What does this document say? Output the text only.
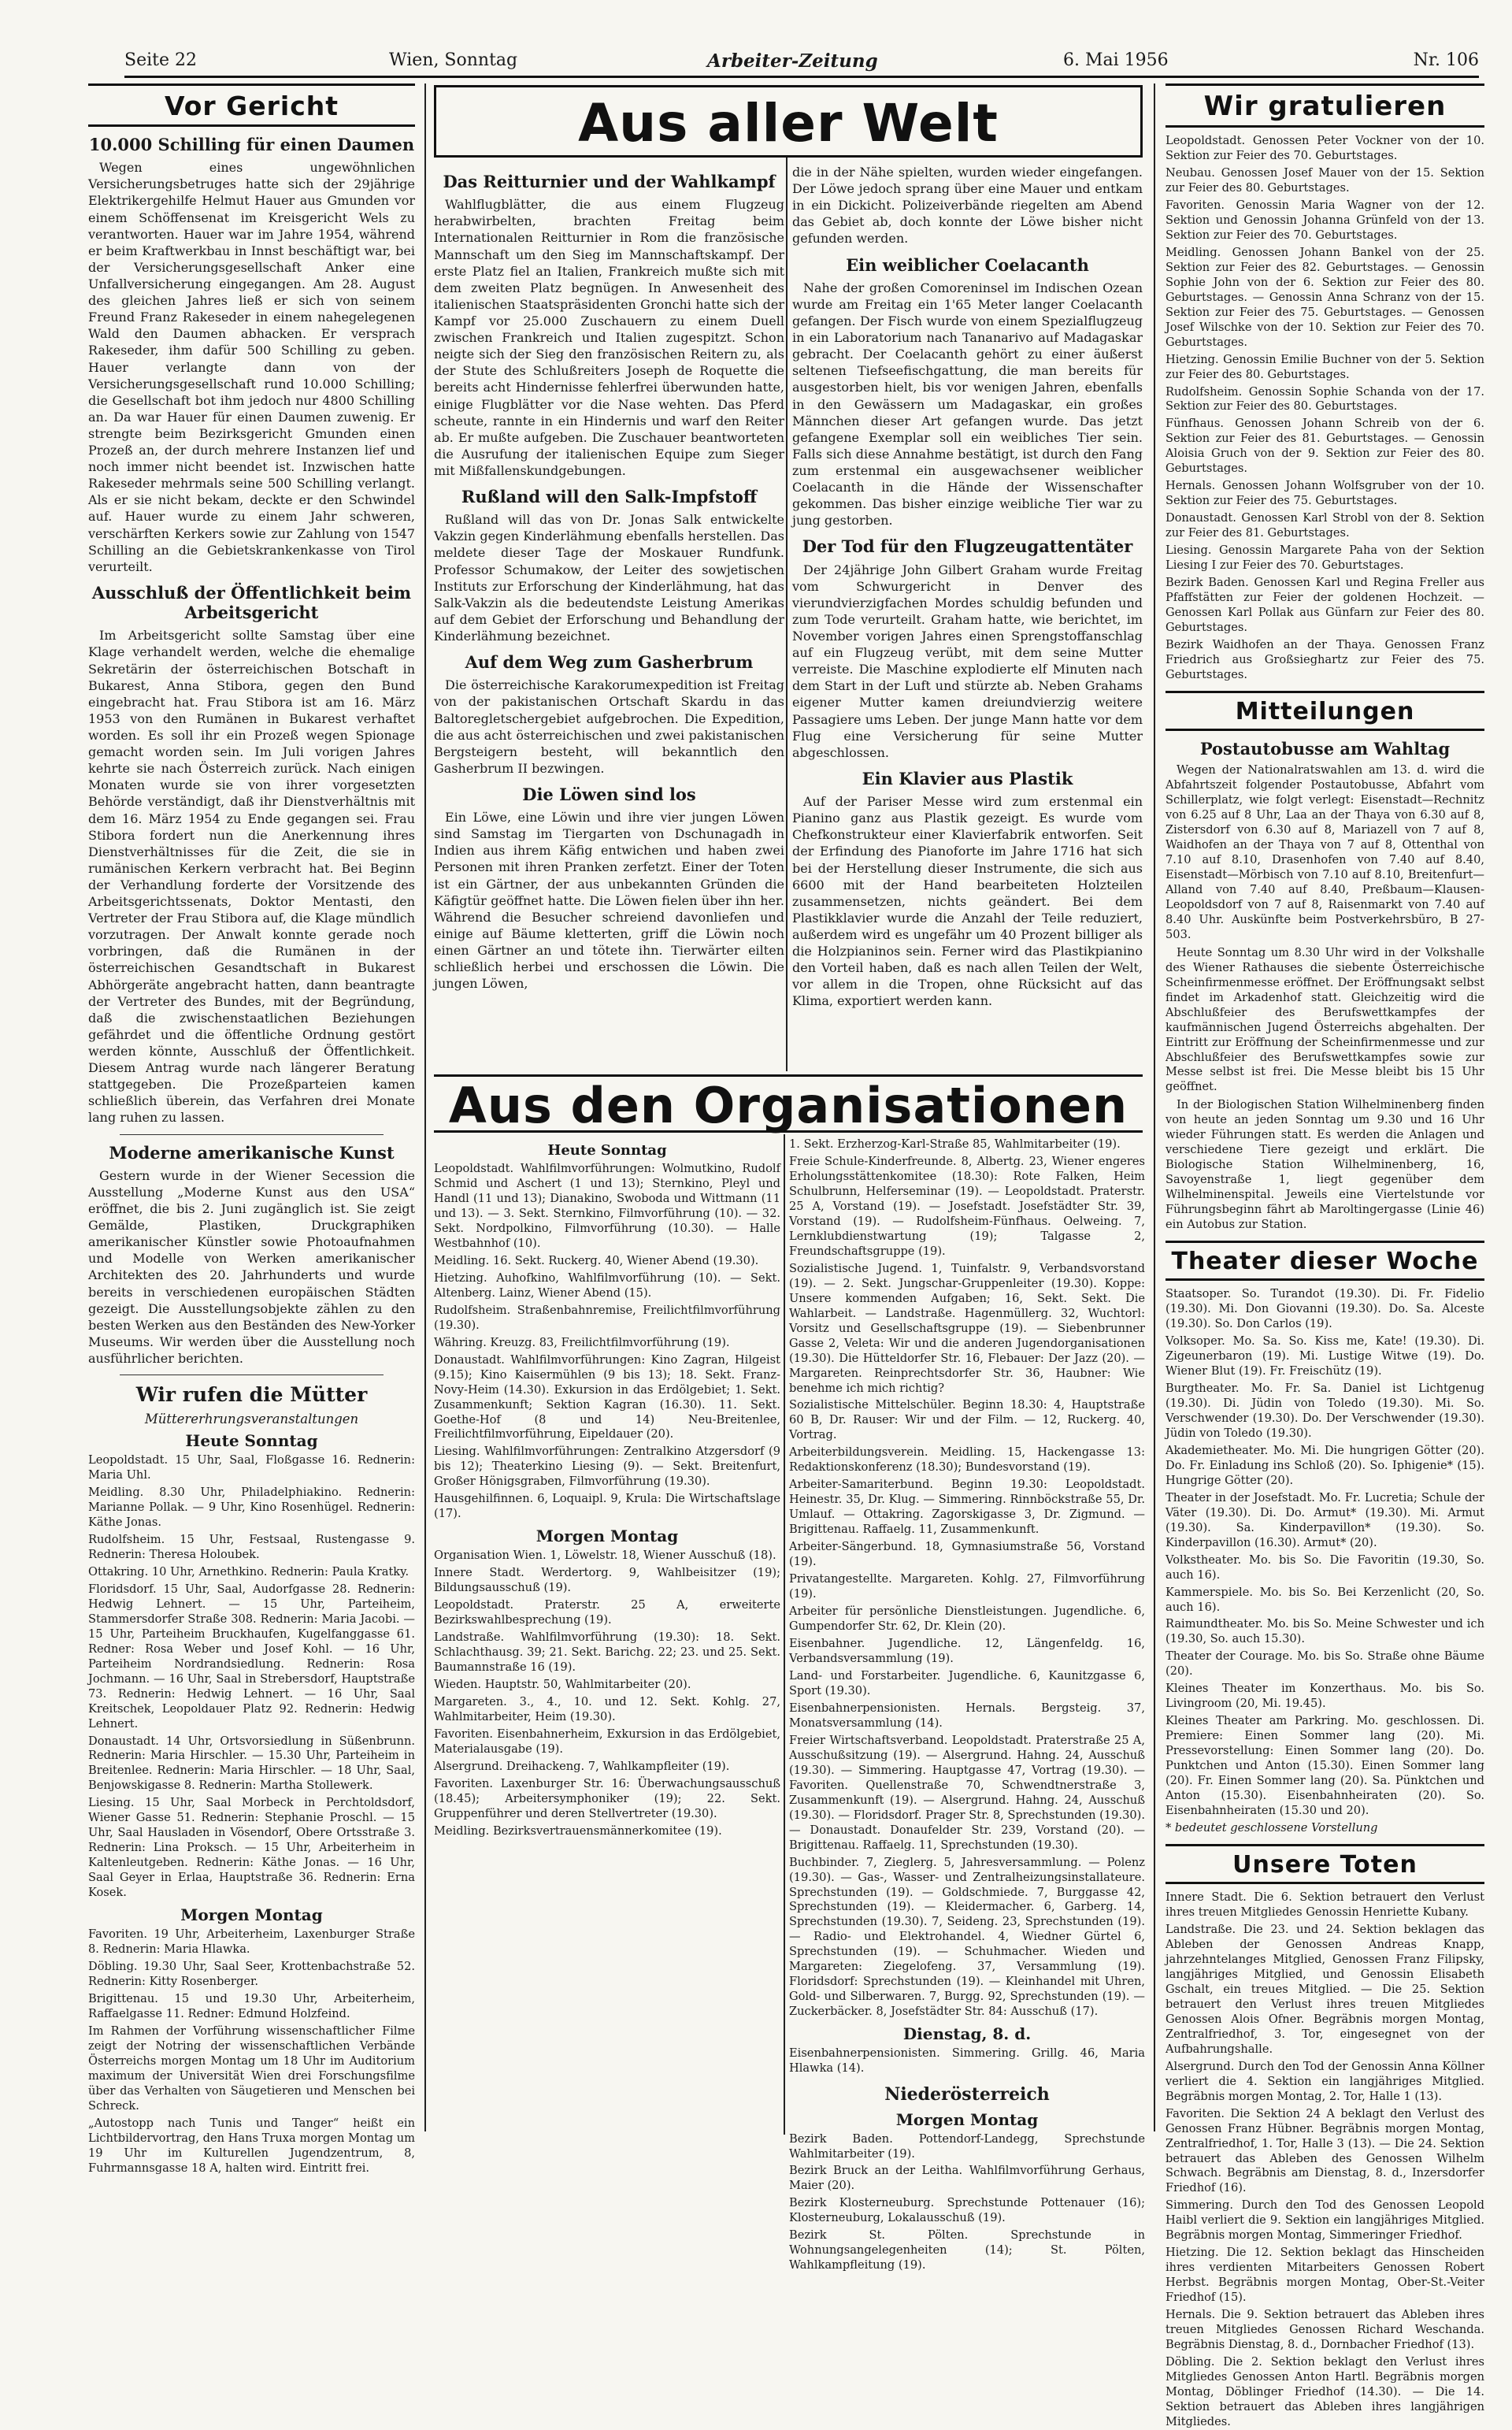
Seite 22	Wien, Sonntag	Arbeiter-Zeitung	6. Mai 1956	Nr. 106
Vor Gericht
10.000 Schilling für einen Daumen

Wegen eines ungewöhnlichen Versicherungsbetruges hatte sich der 29jährige Elektrikergehilfe Helmut Hauer aus Gmunden vor einem Schöffensenat im Kreisgericht Wels zu verantworten. Hauer war im Jahre 1954, während er beim Kraftwerkbau in Innst beschäftigt war, bei der Versicherungsgesellschaft Anker eine Unfallversicherung eingegangen. Am 28. August des gleichen Jahres ließ er sich von seinem Freund Franz Rakeseder in einem nahegelegenen Wald den Daumen abhacken. Er versprach Rakeseder, ihm dafür 500 Schilling zu geben. Hauer verlangte dann von der Versicherungsgesellschaft rund 10.000 Schilling; die Gesellschaft bot ihm jedoch nur 4800 Schilling an. Da war Hauer für einen Daumen zuwenig. Er strengte beim Bezirksgericht Gmunden einen Prozeß an, der durch mehrere Instanzen lief und noch immer nicht beendet ist. Inzwischen hatte Rakeseder mehrmals seine 500 Schilling verlangt. Als er sie nicht bekam, deckte er den Schwindel auf. Hauer wurde zu einem Jahr schweren, verschärften Kerkers sowie zur Zahlung von 1547 Schilling an die Gebietskrankenkasse von Tirol verurteilt.

Ausschluß der Öffentlichkeit beim Arbeitsgericht

Im Arbeitsgericht sollte Samstag über eine Klage verhandelt werden, welche die ehemalige Sekretärin der österreichischen Botschaft in Bukarest, Anna Stibora, gegen den Bund eingebracht hat. Frau Stibora ist am 16. März 1953 von den Rumänen in Bukarest verhaftet worden. Es soll ihr ein Prozeß wegen Spionage gemacht worden sein. Im Juli vorigen Jahres kehrte sie nach Österreich zurück. Nach einigen Monaten wurde sie von ihrer vorgesetzten Behörde verständigt, daß ihr Dienstverhältnis mit dem 16. März 1954 zu Ende gegangen sei. Frau Stibora fordert nun die Anerkennung ihres Dienstverhältnisses für die Zeit, die sie in rumänischen Kerkern verbracht hat. Bei Beginn der Verhandlung forderte der Vorsitzende des Arbeitsgerichtssenats, Doktor Mentasti, den Vertreter der Frau Stibora auf, die Klage mündlich vorzutragen. Der Anwalt konnte gerade noch vorbringen, daß die Rumänen in der österreichischen Gesandtschaft in Bukarest Abhörgeräte angebracht hatten, dann beantragte der Vertreter des Bundes, mit der Begründung, daß die zwischenstaatlichen Beziehungen gefährdet und die öffentliche Ordnung gestört werden könnte, Ausschluß der Öffentlichkeit. Diesem Antrag wurde nach längerer Beratung stattgegeben. Die Prozeßparteien kamen schließlich überein, das Verfahren drei Monate lang ruhen zu lassen.

Moderne amerikanische Kunst

Gestern wurde in der Wiener Secession die Ausstellung „Moderne Kunst aus den USA“ eröffnet, die bis 2. Juni zugänglich ist. Sie zeigt Gemälde, Plastiken, Druckgraphiken amerikanischer Künstler sowie Photoaufnahmen und Modelle von Werken amerikanischer Architekten des 20. Jahrhunderts und wurde bereits in verschiedenen europäischen Städten gezeigt. Die Ausstellungsobjekte zählen zu den besten Werken aus den Beständen des New-Yorker Museums. Wir werden über die Ausstellung noch ausführlicher berichten.

Wir rufen die Mütter
Müttererhrungsveranstaltungen
Heute Sonntag
Leopoldstadt. 15 Uhr, Saal, Floßgasse 16. Rednerin: Maria Uhl.
Meidling. 8.30 Uhr, Philadelphiakino. Rednerin: Marianne Pollak. — 9 Uhr, Kino Rosenhügel. Rednerin: Käthe Jonas.
Rudolfsheim. 15 Uhr, Festsaal, Rustengasse 9. Rednerin: Theresa Holoubek.
Ottakring. 10 Uhr, Arnethkino. Rednerin: Paula Kratky.
Floridsdorf. 15 Uhr, Saal, Audorfgasse 28. Rednerin: Hedwig Lehnert. — 15 Uhr, Parteiheim, Stammersdorfer Straße 308. Rednerin: Maria Jacobi. — 15 Uhr, Parteiheim Bruckhaufen, Kugelfanggasse 61. Redner: Rosa Weber und Josef Kohl. — 16 Uhr, Parteiheim Nordrandsiedlung. Rednerin: Rosa Jochmann. — 16 Uhr, Saal in Strebersdorf, Hauptstraße 73. Rednerin: Hedwig Lehnert. — 16 Uhr, Saal Kreitschek, Leopoldauer Platz 92. Rednerin: Hedwig Lehnert.
Donaustadt. 14 Uhr, Ortsvorsiedlung in Süßenbrunn. Rednerin: Maria Hirschler. — 15.30 Uhr, Parteiheim in Breitenlee. Rednerin: Maria Hirschler. — 18 Uhr, Saal, Benjowskigasse 8. Rednerin: Martha Stollewerk.
Liesing. 15 Uhr, Saal Morbeck in Perchtoldsdorf, Wiener Gasse 51. Rednerin: Stephanie Proschl. — 15 Uhr, Saal Hausladen in Vösendorf, Obere Ortsstraße 3. Rednerin: Lina Proksch. — 15 Uhr, Arbeiterheim in Kaltenleutgeben. Rednerin: Käthe Jonas. — 16 Uhr, Saal Geyer in Erlaa, Hauptstraße 36. Rednerin: Erna Kosek.
Morgen Montag
Favoriten. 19 Uhr, Arbeiterheim, Laxenburger Straße 8. Rednerin: Maria Hlawka.
Döbling. 19.30 Uhr, Saal Seer, Krottenbachstraße 52. Rednerin: Kitty Rosenberger.
Brigittenau. 15 und 19.30 Uhr, Arbeiterheim, Raffaelgasse 11. Redner: Edmund Holzfeind.
Im Rahmen der Vorführung wissenschaftlicher Filme zeigt der Notring der wissenschaftlichen Verbände Österreichs morgen Montag um 18 Uhr im Auditorium maximum der Universität Wien drei Forschungsfilme über das Verhalten von Säugetieren und Menschen bei Schreck.
„Autostopp nach Tunis und Tanger“ heißt ein Lichtbildervortrag, den Hans Truxa morgen Montag um 19 Uhr im Kulturellen Jugendzentrum, 8, Fuhrmannsgasse 18 A, halten wird. Eintritt frei.
Aus aller Welt
Das Reitturnier und der Wahlkampf

Wahlflugblätter, die aus einem Flugzeug herabwirbelten, brachten Freitag beim Internationalen Reitturnier in Rom die französische Mannschaft um den Sieg im Mannschaftskampf. Der erste Platz fiel an Italien, Frankreich mußte sich mit dem zweiten Platz begnügen. In Anwesenheit des italienischen Staatspräsidenten Gronchi hatte sich der Kampf vor 25.000 Zuschauern zu einem Duell zwischen Frankreich und Italien zugespitzt. Schon neigte sich der Sieg den französischen Reitern zu, als der Stute des Schlußreiters Joseph de Roquette die bereits acht Hindernisse fehlerfrei überwunden hatte, einige Flugblätter vor die Nase wehten. Das Pferd scheute, rannte in ein Hindernis und warf den Reiter ab. Er mußte aufgeben. Die Zuschauer beantworteten die Ausrufung der italienischen Equipe zum Sieger mit Mißfallenskundgebungen.

Rußland will den Salk-Impfstoff

Rußland will das von Dr. Jonas Salk entwickelte Vakzin gegen Kinderlähmung ebenfalls herstellen. Das meldete dieser Tage der Moskauer Rundfunk. Professor Schumakow, der Leiter des sowjetischen Instituts zur Erforschung der Kinderlähmung, hat das Salk-Vakzin als die bedeutendste Leistung Amerikas auf dem Gebiet der Erforschung und Behandlung der Kinderlähmung bezeichnet.

Auf dem Weg zum Gasherbrum

Die österreichische Karakorumexpedition ist Freitag von der pakistanischen Ortschaft Skardu in das Baltoregletschergebiet aufgebrochen. Die Expedition, die aus acht österreichischen und zwei pakistanischen Bergsteigern besteht, will bekanntlich den Gasherbrum II bezwingen.

Die Löwen sind los

Ein Löwe, eine Löwin und ihre vier jungen Löwen sind Samstag im Tiergarten von Dschunagadh in Indien aus ihrem Käfig entwichen und haben zwei Personen mit ihren Pranken zerfetzt. Einer der Toten ist ein Gärtner, der aus unbekannten Gründen die Käfigtür geöffnet hatte. Die Löwen fielen über ihn her. Während die Besucher schreiend davonliefen und einige auf Bäume kletterten, griff die Löwin noch einen Gärtner an und tötete ihn. Tierwärter eilten schließlich herbei und erschossen die Löwin. Die jungen Löwen,

die in der Nähe spielten, wurden wieder eingefangen. Der Löwe jedoch sprang über eine Mauer und entkam in ein Dickicht. Polizeiverbände riegelten am Abend das Gebiet ab, doch konnte der Löwe bisher nicht gefunden werden.

Ein weiblicher Coelacanth

Nahe der großen Comoreninsel im Indischen Ozean wurde am Freitag ein 1'65 Meter langer Coelacanth gefangen. Der Fisch wurde von einem Spezialflugzeug in ein Laboratorium nach Tananarivo auf Madagaskar gebracht. Der Coelacanth gehört zu einer äußerst seltenen Tiefseefischgattung, die man bereits für ausgestorben hielt, bis vor wenigen Jahren, ebenfalls in den Gewässern um Madagaskar, ein großes Männchen dieser Art gefangen wurde. Das jetzt gefangene Exemplar soll ein weibliches Tier sein. Falls sich diese Annahme bestätigt, ist durch den Fang zum erstenmal ein ausgewachsener weiblicher Coelacanth in die Hände der Wissenschafter gekommen. Das bisher einzige weibliche Tier war zu jung gestorben.

Der Tod für den Flugzeugattentäter

Der 24jährige John Gilbert Graham wurde Freitag vom Schwurgericht in Denver des vierundvierzigfachen Mordes schuldig befunden und zum Tode verurteilt. Graham hatte, wie berichtet, im November vorigen Jahres einen Sprengstoffanschlag auf ein Flugzeug verübt, mit dem seine Mutter verreiste. Die Maschine explodierte elf Minuten nach dem Start in der Luft und stürzte ab. Neben Grahams eigener Mutter kamen dreiundvierzig weitere Passagiere ums Leben. Der junge Mann hatte vor dem Flug eine Versicherung für seine Mutter abgeschlossen.

Ein Klavier aus Plastik

Auf der Pariser Messe wird zum erstenmal ein Pianino ganz aus Plastik gezeigt. Es wurde vom Chefkonstrukteur einer Klavierfabrik entworfen. Seit der Erfindung des Pianoforte im Jahre 1716 hat sich bei der Herstellung dieser Instrumente, die sich aus 6600 mit der Hand bearbeiteten Holzteilen zusammensetzen, nichts geändert. Bei dem Plastikklavier wurde die Anzahl der Teile reduziert, außerdem wird es ungefähr um 40 Prozent billiger als die Holzpianinos sein. Ferner wird das Plastikpianino den Vorteil haben, daß es nach allen Teilen der Welt, vor allem in die Tropen, ohne Rücksicht auf das Klima, exportiert werden kann.

Aus den Organisationen
Heute Sonntag
Leopoldstadt. Wahlfilmvorführungen: Wolmutkino, Rudolf Schmid und Aschert (1 und 13); Sternkino, Pleyl und Handl (11 und 13); Dianakino, Swoboda und Wittmann (11 und 13). — 3. Sekt. Sternkino, Filmvorführung (10). — 32. Sekt. Nordpolkino, Filmvorführung (10.30). — Halle Westbahnhof (10).
Meidling. 16. Sekt. Ruckerg. 40, Wiener Abend (19.30).
Hietzing. Auhofkino, Wahlfilmvorführung (10). — Sekt. Altenberg. Lainz, Wiener Abend (15).
Rudolfsheim. Straßenbahnremise, Freilichtfilmvorführung (19.30).
Währing. Kreuzg. 83, Freilichtfilmvorführung (19).
Donaustadt. Wahlfilmvorführungen: Kino Zagran, Hilgeist (9.15); Kino Kaisermühlen (9 bis 13); 18. Sekt. Franz-Novy-Heim (14.30). Exkursion in das Erdölgebiet; 1. Sekt. Zusammenkunft; Sektion Kagran (16.30). 11. Sekt. Goethe-Hof (8 und 14) Neu-Breitenlee, Freilichtfilmvorführung, Eipeldauer (20).
Liesing. Wahlfilmvorführungen: Zentralkino Atzgersdorf (9 bis 12); Theaterkino Liesing (9). — Sekt. Breitenfurt, Großer Hönigsgraben, Filmvorführung (19.30).
Hausgehilfinnen. 6, Loquaipl. 9, Krula: Die Wirtschaftslage (17).
Morgen Montag
Organisation Wien. 1, Löwelstr. 18, Wiener Ausschuß (18).
Innere Stadt. Werdertorg. 9, Wahlbeisitzer (19); Bildungsausschuß (19).
Leopoldstadt. Praterstr. 25 A, erweiterte Bezirkswahlbesprechung (19).
Landstraße. Wahlfilmvorführung (19.30): 18. Sekt. Schlachthausg. 39; 21. Sekt. Barichg. 22; 23. und 25. Sekt. Baumannstraße 16 (19).
Wieden. Hauptstr. 50, Wahlmitarbeiter (20).
Margareten. 3., 4., 10. und 12. Sekt. Kohlg. 27, Wahlmitarbeiter, Heim (19.30).
Favoriten. Eisenbahnerheim, Exkursion in das Erdölgebiet, Materialausgabe (19).
Alsergrund. Dreihackeng. 7, Wahlkampfleiter (19).
Favoriten. Laxenburger Str. 16: Überwachungsausschuß (18.45); Arbeitersymphoniker (19); 22. Sekt. Gruppenführer und deren Stellvertreter (19.30).
Meidling. Bezirksvertrauensmännerkomitee (19).
1. Sekt. Erzherzog-Karl-Straße 85, Wahlmitarbeiter (19).
Freie Schule-Kinderfreunde. 8, Albertg. 23, Wiener engeres Erholungsstättenkomitee (18.30): Rote Falken, Heim Schulbrunn, Helferseminar (19). — Leopoldstadt. Praterstr. 25 A, Vorstand (19). — Josefstadt. Josefstädter Str. 39, Vorstand (19). — Rudolfsheim-Fünfhaus. Oelweing. 7, Lernklubdienstwartung (19); Talgasse 2, Freundschaftsgruppe (19).
Sozialistische Jugend. 1, Tuinfalstr. 9, Verbandsvorstand (19). — 2. Sekt. Jungschar-Gruppenleiter (19.30). Koppe: Unsere kommenden Aufgaben; 16, Sekt. Sekt. Die Wahlarbeit. — Landstraße. Hagenmüllerg. 32, Wuchtorl: Vorsitz und Gesellschaftsgruppe (19). — Siebenbrunner Gasse 2, Veleta: Wir und die anderen Jugendorganisationen (19.30). Die Hütteldorfer Str. 16, Flebauer: Der Jazz (20). — Margareten. Reinprechtsdorfer Str. 36, Haubner: Wie benehme ich mich richtig?
Sozialistische Mittelschüler. Beginn 18.30: 4, Hauptstraße 60 B, Dr. Rauser: Wir und der Film. — 12, Ruckerg. 40, Vortrag.
Arbeiterbildungsverein. Meidling. 15, Hackengasse 13: Redaktionskonferenz (18.30); Bundesvorstand (19).
Arbeiter-Samariterbund. Beginn 19.30: Leopoldstadt. Heinestr. 35, Dr. Klug. — Simmering. Rinnböckstraße 55, Dr. Umlauf. — Ottakring. Zagorskigasse 3, Dr. Zigmund. — Brigittenau. Raffaelg. 11, Zusammenkunft.
Arbeiter-Sängerbund. 18, Gymnasiumstraße 56, Vorstand (19).
Privatangestellte. Margareten. Kohlg. 27, Filmvorführung (19).
Arbeiter für persönliche Dienstleistungen. Jugendliche. 6, Gumpendorfer Str. 62, Dr. Klein (20).
Eisenbahner. Jugendliche. 12, Längenfeldg. 16, Verbandsversammlung (19).
Land- und Forstarbeiter. Jugendliche. 6, Kaunitzgasse 6, Sport (19.30).
Eisenbahnerpensionisten. Hernals. Bergsteig. 37, Monatsversammlung (14).
Freier Wirtschaftsverband. Leopoldstadt. Praterstraße 25 A, Ausschußsitzung (19). — Alsergrund. Hahng. 24, Ausschuß (19.30). — Simmering. Hauptgasse 47, Vortrag (19.30). — Favoriten. Quellenstraße 70, Schwendtnerstraße 3, Zusammenkunft (19). — Alsergrund. Hahng. 24, Ausschuß (19.30). — Floridsdorf. Prager Str. 8, Sprechstunden (19.30). — Donaustadt. Donaufelder Str. 239, Vorstand (20). — Brigittenau. Raffaelg. 11, Sprechstunden (19.30).
Buchbinder. 7, Zieglerg. 5, Jahresversammlung. — Polenz (19.30). — Gas-, Wasser- und Zentralheizungsinstallateure. Sprechstunden (19). — Goldschmiede. 7, Burggasse 42, Sprechstunden (19). — Kleidermacher. 6, Garberg. 14, Sprechstunden (19.30). 7, Seideng. 23, Sprechstunden (19). — Radio- und Elektrohandel. 4, Wiedner Gürtel 6, Sprechstunden (19). — Schuhmacher. Wieden und Margareten: Ziegelofeng. 37, Versammlung (19). Floridsdorf: Sprechstunden (19). — Kleinhandel mit Uhren, Gold- und Silberwaren. 7, Burgg. 92, Sprechstunden (19). — Zuckerbäcker. 8, Josefstädter Str. 84: Ausschuß (17).
Dienstag, 8. d.
Eisenbahnerpensionisten. Simmering. Grillg. 46, Maria Hlawka (14).
Niederösterreich
Morgen Montag
Bezirk Baden. Pottendorf-Landegg, Sprechstunde Wahlmitarbeiter (19).
Bezirk Bruck an der Leitha. Wahlfilmvorführung Gerhaus, Maier (20).
Bezirk Klosterneuburg. Sprechstunde Pottenauer (16); Klosterneuburg, Lokalausschuß (19).
Bezirk St. Pölten. Sprechstunde in Wohnungsangelegenheiten (14); St. Pölten, Wahlkampfleitung (19).
Wir gratulieren
Leopoldstadt. Genossen Peter Vockner von der 10. Sektion zur Feier des 70. Geburtstages.
Neubau. Genossen Josef Mauer von der 15. Sektion zur Feier des 80. Geburtstages.
Favoriten. Genossin Maria Wagner von der 12. Sektion und Genossin Johanna Grünfeld von der 13. Sektion zur Feier des 70. Geburtstages.
Meidling. Genossen Johann Bankel von der 25. Sektion zur Feier des 82. Geburtstages. — Genossin Sophie John von der 6. Sektion zur Feier des 80. Geburtstages. — Genossin Anna Schranz von der 15. Sektion zur Feier des 75. Geburtstages. — Genossen Josef Wilschke von der 10. Sektion zur Feier des 70. Geburtstages.
Hietzing. Genossin Emilie Buchner von der 5. Sektion zur Feier des 80. Geburtstages.
Rudolfsheim. Genossin Sophie Schanda von der 17. Sektion zur Feier des 80. Geburtstages.
Fünfhaus. Genossen Johann Schreib von der 6. Sektion zur Feier des 81. Geburtstages. — Genossin Aloisia Gruch von der 9. Sektion zur Feier des 80. Geburtstages.
Hernals. Genossen Johann Wolfsgruber von der 10. Sektion zur Feier des 75. Geburtstages.
Donaustadt. Genossen Karl Strobl von der 8. Sektion zur Feier des 81. Geburtstages.
Liesing. Genossin Margarete Paha von der Sektion Liesing I zur Feier des 70. Geburtstages.
Bezirk Baden. Genossen Karl und Regina Freller aus Pfaffstätten zur Feier der goldenen Hochzeit. — Genossen Karl Pollak aus Günfarn zur Feier des 80. Geburtstages.
Bezirk Waidhofen an der Thaya. Genossen Franz Friedrich aus Großsieghartz zur Feier des 75. Geburtstages.
Mitteilungen
Postautobusse am Wahltag

Wegen der Nationalratswahlen am 13. d. wird die Abfahrtszeit folgender Postautobusse, Abfahrt vom Schillerplatz, wie folgt verlegt: Eisenstadt—Rechnitz von 6.25 auf 8 Uhr, Laa an der Thaya von 6.30 auf 8, Zistersdorf von 6.30 auf 8, Mariazell von 7 auf 8, Waidhofen an der Thaya von 7 auf 8, Ottenthal von 7.10 auf 8.10, Drasenhofen von 7.40 auf 8.40, Eisenstadt—Mörbisch von 7.10 auf 8.10, Breitenfurt—Alland von 7.40 auf 8.40, Preßbaum—Klausen-Leopoldsdorf von 7 auf 8, Raisenmarkt von 7.40 auf 8.40 Uhr. Auskünfte beim Postverkehrsbüro, B 27-503.

Heute Sonntag um 8.30 Uhr wird in der Volkshalle des Wiener Rathauses die siebente Österreichische Scheinfirmenmesse eröffnet. Der Eröffnungsakt selbst findet im Arkadenhof statt. Gleichzeitig wird die Abschlußfeier des Berufswettkampfes der kaufmännischen Jugend Österreichs abgehalten. Der Eintritt zur Eröffnung der Scheinfirmenmesse und zur Abschlußfeier des Berufswettkampfes sowie zur Messe selbst ist frei. Die Messe bleibt bis 15 Uhr geöffnet.

In der Biologischen Station Wilhelminenberg finden von heute an jeden Sonntag um 9.30 und 16 Uhr wieder Führungen statt. Es werden die Anlagen und verschiedene Tiere gezeigt und erklärt. Die Biologische Station Wilhelminenberg, 16, Savoyenstraße 1, liegt gegenüber dem Wilhelminenspital. Jeweils eine Viertelstunde vor Führungsbeginn fährt ab Maroltingergasse (Linie 46) ein Autobus zur Station.

Theater dieser Woche
Staatsoper. So. Turandot (19.30). Di. Fr. Fidelio (19.30). Mi. Don Giovanni (19.30). Do. Sa. Alceste (19.30). So. Don Carlos (19).
Volksoper. Mo. Sa. So. Kiss me, Kate! (19.30). Di. Zigeunerbaron (19). Mi. Lustige Witwe (19). Do. Wiener Blut (19). Fr. Freischütz (19).
Burgtheater. Mo. Fr. Sa. Daniel ist Lichtgenug (19.30). Di. Jüdin von Toledo (19.30). Mi. So. Verschwender (19.30). Do. Der Verschwender (19.30). Jüdin von Toledo (19.30).
Akademietheater. Mo. Mi. Die hungrigen Götter (20). Do. Fr. Einladung ins Schloß (20). So. Iphigenie* (15). Hungrige Götter (20).
Theater in der Josefstadt. Mo. Fr. Lucretia; Schule der Väter (19.30). Di. Do. Armut* (19.30). Mi. Armut (19.30). Sa. Kinderpavillon* (19.30). So. Kinderpavillon (16.30). Armut* (20).
Volkstheater. Mo. bis So. Die Favoritin (19.30, So. auch 16).
Kammerspiele. Mo. bis So. Bei Kerzenlicht (20, So. auch 16).
Raimundtheater. Mo. bis So. Meine Schwester und ich (19.30, So. auch 15.30).
Theater der Courage. Mo. bis So. Straße ohne Bäume (20).
Kleines Theater im Konzerthaus. Mo. bis So. Livingroom (20, Mi. 19.45).
Kleines Theater am Parkring. Mo. geschlossen. Di. Premiere: Einen Sommer lang (20). Mi. Pressevorstellung: Einen Sommer lang (20). Do. Punktchen und Anton (15.30). Einen Sommer lang (20). Fr. Einen Sommer lang (20). Sa. Pünktchen und Anton (15.30). Eisenbahnheiraten (20). So. Eisenbahnheiraten (15.30 und 20).
* bedeutet geschlossene Vorstellung
Unsere Toten
Innere Stadt. Die 6. Sektion betrauert den Verlust ihres treuen Mitgliedes Genossin Henriette Kubany.
Landstraße. Die 23. und 24. Sektion beklagen das Ableben der Genossen Andreas Knapp, jahrzehntelanges Mitglied, Genossen Franz Filipsky, langjähriges Mitglied, und Genossin Elisabeth Gschalt, ein treues Mitglied. — Die 25. Sektion betrauert den Verlust ihres treuen Mitgliedes Genossen Alois Ofner. Begräbnis morgen Montag, Zentralfriedhof, 3. Tor, eingesegnet von der Aufbahrungshalle.
Alsergrund. Durch den Tod der Genossin Anna Köllner verliert die 4. Sektion ein langjähriges Mitglied. Begräbnis morgen Montag, 2. Tor, Halle 1 (13).
Favoriten. Die Sektion 24 A beklagt den Verlust des Genossen Franz Hübner. Begräbnis morgen Montag, Zentralfriedhof, 1. Tor, Halle 3 (13). — Die 24. Sektion betrauert das Ableben des Genossen Wilhelm Schwach. Begräbnis am Dienstag, 8. d., Inzersdorfer Friedhof (16).
Simmering. Durch den Tod des Genossen Leopold Haibl verliert die 9. Sektion ein langjähriges Mitglied. Begräbnis morgen Montag, Simmeringer Friedhof.
Hietzing. Die 12. Sektion beklagt das Hinscheiden ihres verdienten Mitarbeiters Genossen Robert Herbst. Begräbnis morgen Montag, Ober-St.-Veiter Friedhof (15).
Hernals. Die 9. Sektion betrauert das Ableben ihres treuen Mitgliedes Genossen Richard Weschanda. Begräbnis Dienstag, 8. d., Dornbacher Friedhof (13).
Döbling. Die 2. Sektion beklagt den Verlust ihres Mitgliedes Genossen Anton Hartl. Begräbnis morgen Montag, Döblinger Friedhof (14.30). — Die 14. Sektion betrauert das Ableben ihres langjährigen Mitgliedes.
